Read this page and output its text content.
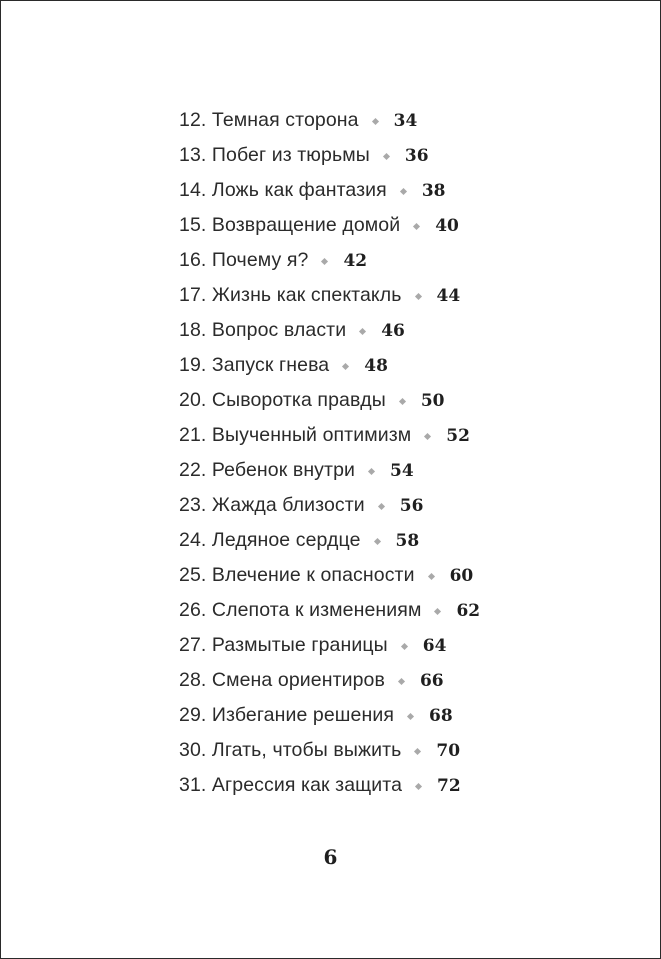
12. Темная сторона 34
13. Побег из тюрьмы 36
14. Ложь как фантазия 38
15. Возвращение домой 40
16. Почему я? 42
17. Жизнь как спектакль 44
18. Вопрос власти 46
19. Запуск гнева 48
20. Сыворотка правды 50
21. Выученный оптимизм 52
22. Ребенок внутри 54
23. Жажда близости 56
24. Ледяное сердце 58
25. Влечение к опасности 60
26. Слепота к изменениям 62
27. Размытые границы 64
28. Смена ориентиров 66
29. Избегание решения 68
30. Лгать, чтобы выжить 70
31. Агрессия как защита 72
6
